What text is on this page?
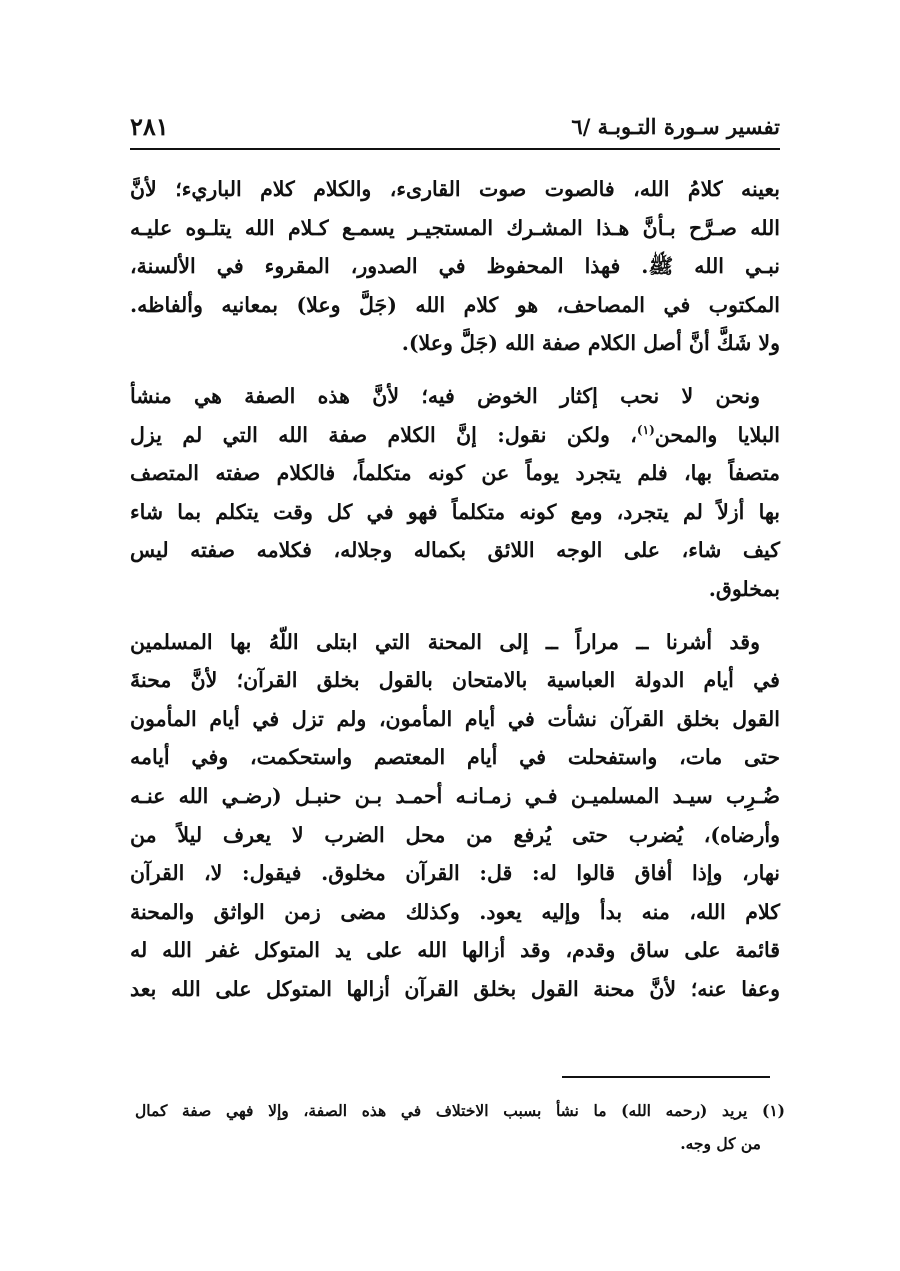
تفسير سـورة التـوبـة /٦
٢٨١

بعينه كلامُ الله، فالصوت صوت القارىء، والكلام كلام الباريء؛ لأنَّ
الله صـرَّح بـأنَّ هـذا المشـرك المستجيـر يسمـع كـلام الله يتلـوه عليـه
نبـي الله ﷺ. فهذا المحفوظ في الصدور، المقروء في الألسنة،
المكتوب في المصاحف، هو كلام الله (جَلَّ وعلا) بمعانيه وألفاظه.
ولا شَكَّ أنَّ أصل الكلام صفة الله (جَلَّ وعلا).

ونحن لا نحب إكثار الخوض فيه؛ لأنَّ هذه الصفة هي منشأ
البلايا والمحن$^{(١)}$، ولكن نقول: إنَّ الكلام صفة الله التي لم يزل
متصفاً بها، فلم يتجرد يوماً عن كونه متكلماً، فالكلام صفته المتصف
بها أزلاً لم يتجرد، ومع كونه متكلماً فهو في كل وقت يتكلم بما شاء
كيف شاء، على الوجه اللائق بكماله وجلاله، فكلامه صفته ليس
بمخلوق.

وقد أشرنا ــ مراراً ــ إلى المحنة التي ابتلى اللّهُ بها المسلمين
في أيام الدولة العباسية بالامتحان بالقول بخلق القرآن؛ لأنَّ محنةَ
القول بخلق القرآن نشأت في أيام المأمون، ولم تزل في أيام المأمون
حتى مات، واستفحلت في أيام المعتصم واستحكمت، وفي أيامه
ضُـرِب سيـد المسلميـن فـي زمـانـه أحمـد بـن حنبـل (رضـي الله عنـه
وأرضاه)، يُضرب حتى يُرفع من محل الضرب لا يعرف ليلاً من
نهار، وإذا أفاق قالوا له: قل: القرآن مخلوق. فيقول: لا، القرآن
كلام الله، منه بدأ وإليه يعود. وكذلك مضى زمن الواثق والمحنة
قائمة على ساق وقدم، وقد أزالها الله على يد المتوكل غفر الله له
وعفا عنه؛ لأنَّ محنة القول بخلق القرآن أزالها المتوكل على الله بعد

(١) يريد (رحمه الله) ما نشأ بسبب الاختلاف في هذه الصفة، وإلا فهي صفة كمال
من كل وجه.
